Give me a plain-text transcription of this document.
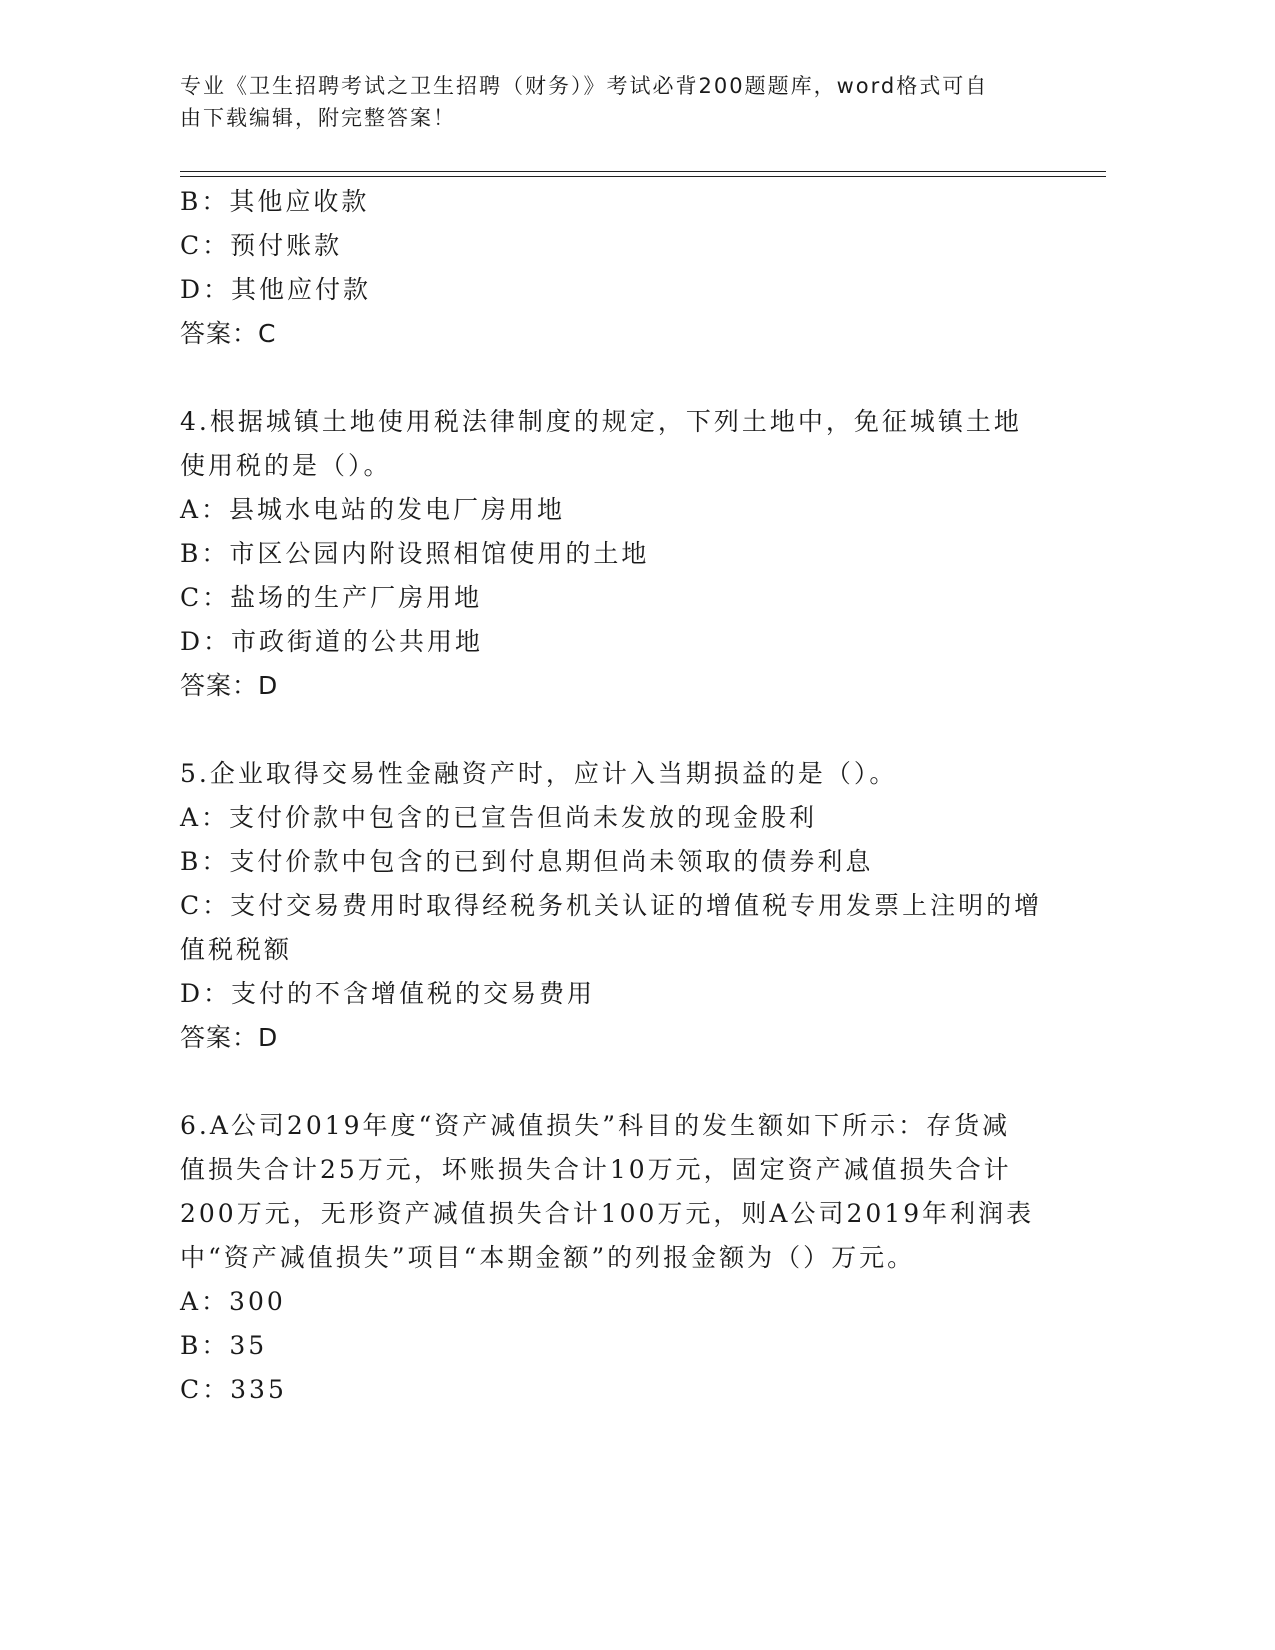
专业《卫生招聘考试之卫生招聘（财务）》考试必背200题题库，word格式可自
由下载编辑，附完整答案！
B：其他应收款
C：预付账款
D：其他应付款
答案：C
4.根据城镇土地使用税法律制度的规定，下列土地中，免征城镇土地
使用税的是（）。
A：县城水电站的发电厂房用地
B：市区公园内附设照相馆使用的土地
C：盐场的生产厂房用地
D：市政街道的公共用地
答案：D
5.企业取得交易性金融资产时，应计入当期损益的是（）。
A：支付价款中包含的已宣告但尚未发放的现金股利
B：支付价款中包含的已到付息期但尚未领取的债券利息
C：支付交易费用时取得经税务机关认证的增值税专用发票上注明的增
值税税额
D：支付的不含增值税的交易费用
答案：D
6.A公司2019年度“资产减值损失”科目的发生额如下所示：存货减
值损失合计25万元，坏账损失合计10万元，固定资产减值损失合计
200万元，无形资产减值损失合计100万元，则A公司2019年利润表
中“资产减值损失”项目“本期金额”的列报金额为（）万元。
A：300
B：35
C：335
